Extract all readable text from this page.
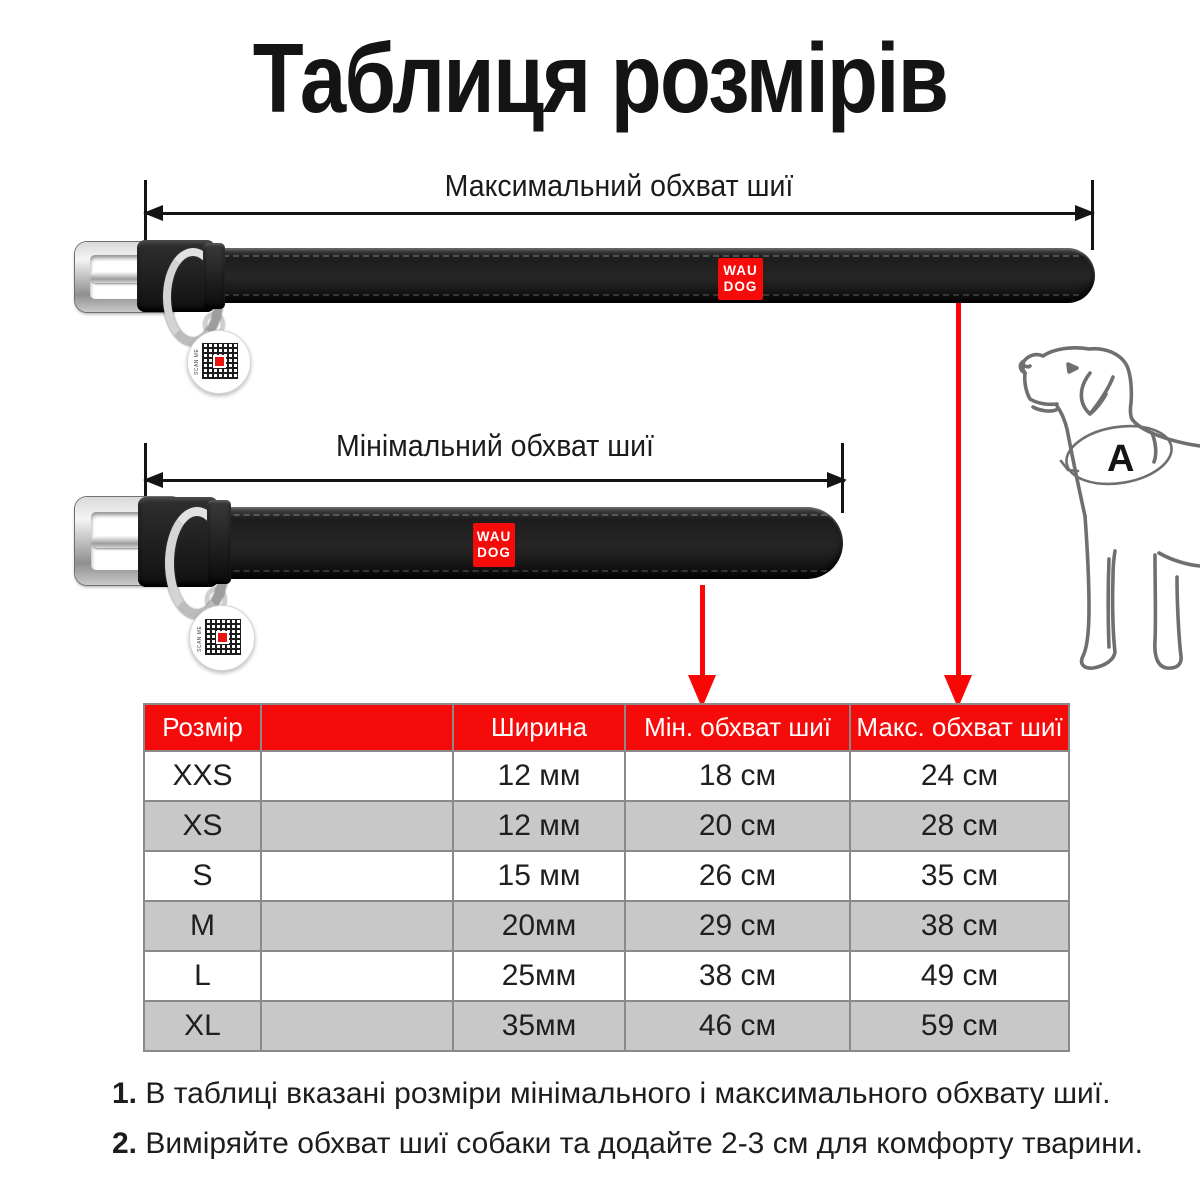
Таблиця розмірів
Максимальний обхват шиї
WAU
DOG
SCAN ME
Мінімальний обхват шиї
WAU
DOG
SCAN ME
A
Розмір		Ширина	Мін. обхват шиї	Макс. обхват шиї
XXS		12 мм	18 см	24 см
XS		12 мм	20 см	28 см
S		15 мм	26 см	35 см
M		20мм	29 см	38 см
L		25мм	38 см	49 см
XL		35мм	46 см	59 см

1. В таблиці вказані розміри мінімального і максимального обхвату шиї.

2. Виміряйте обхват шиї собаки та додайте 2-3 см для комфорту тварини.
